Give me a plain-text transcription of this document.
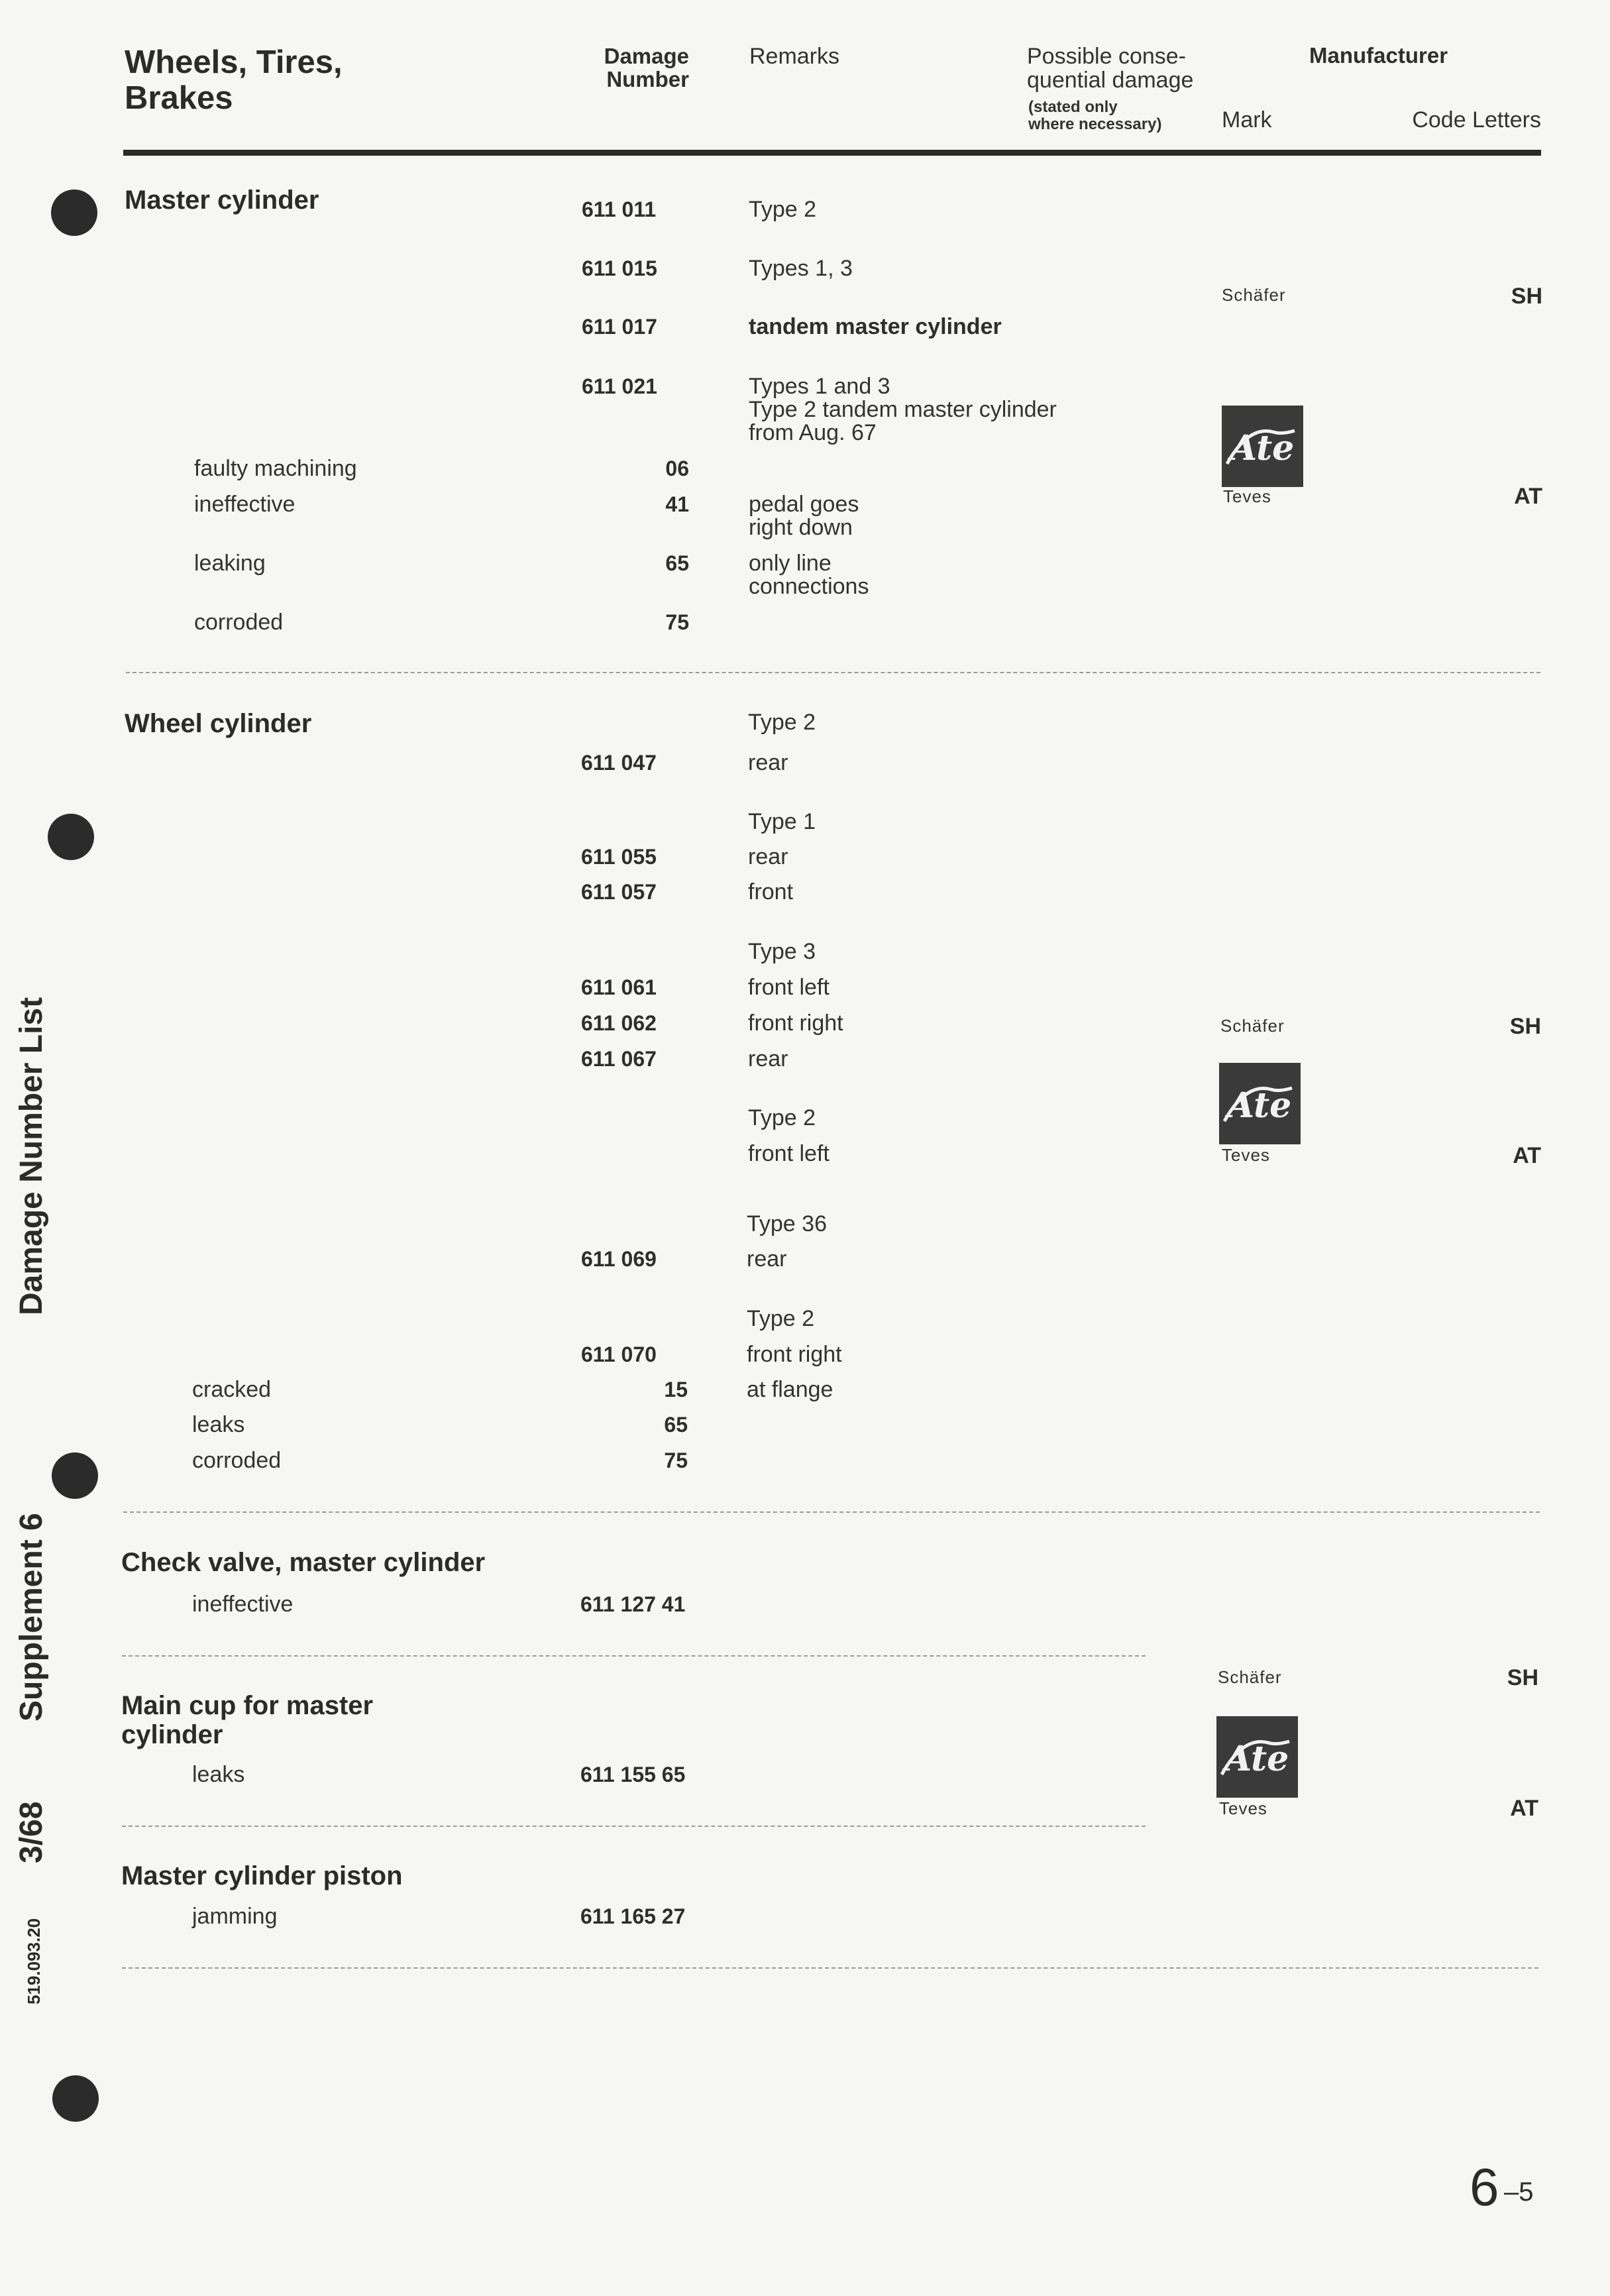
Damage Number List
Supplement 6
3/68
519.093.20
Wheels, Tires,
Brakes
Damage
Number
Remarks	Possible conse-
quential damage
(stated only
where necessary)
Manufacturer
Mark	Code Letters
Master cylinder	611 011	Type 2
611 015	Types 1, 3
611 017	tandem master cylinder
611 021	Types 1 and 3
Type 2 tandem master cylinder
from Aug. 67
faulty machining	06
ineffective	41	pedal goes
right down
leaking	65	only line
connections
corroded	75
Schäfer	SH
Ate
Teves	AT
Wheel cylinder	Type 2
611 047	rear
Type 1
611 055	rear
611 057	front
Type 3
611 061	front left
611 062	front right
611 067	rear
Type 2
front left
Type 36
611 069	rear
Type 2
611 070	front right
cracked	15	at flange
leaks	65
corroded	75
Schäfer	SH
Ate
Teves	AT
Check valve, master cylinder
ineffective	611 127 41
Main cup for master
cylinder
leaks	611 155 65
Schäfer	SH
Ate
Teves	AT
Master cylinder piston
jamming	611 165 27
6 –5
